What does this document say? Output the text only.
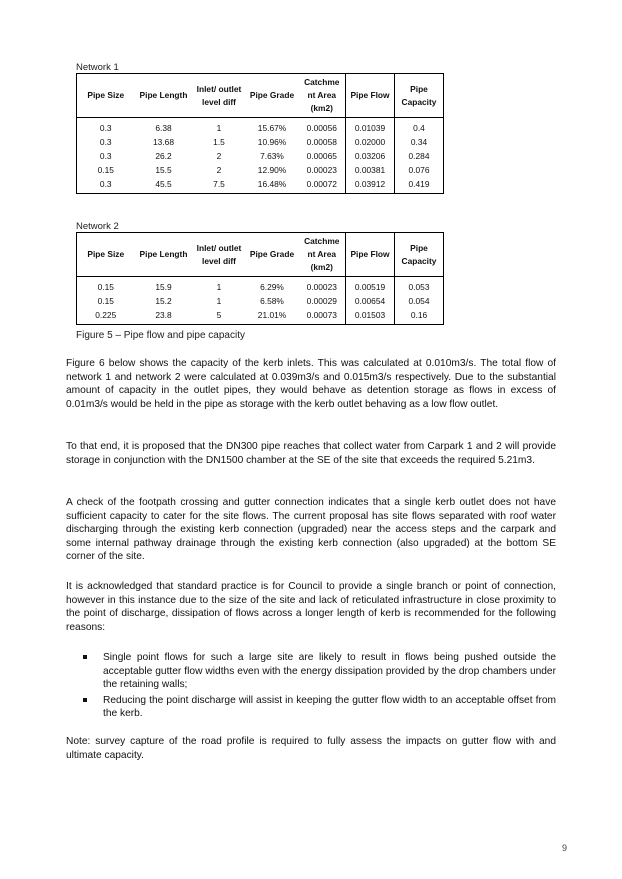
Network 1
Pipe Size	Pipe Length	Inlet/ outlet level diff	Pipe Grade	Catchme nt Area (km2)	Pipe Flow	Pipe Capacity
0.3	6.38	1	15.67%	0.00056	0.01039	0.4
0.3	13.68	1.5	10.96%	0.00058	0.02000	0.34
0.3	26.2	2	7.63%	0.00065	0.03206	0.284
0.15	15.5	2	12.90%	0.00023	0.00381	0.076
0.3	45.5	7.5	16.48%	0.00072	0.03912	0.419
Network 2
Pipe Size	Pipe Length	Inlet/ outlet level diff	Pipe Grade	Catchme nt Area (km2)	Pipe Flow	Pipe Capacity
0.15	15.9	1	6.29%	0.00023	0.00519	0.053
0.15	15.2	1	6.58%	0.00029	0.00654	0.054
0.225	23.8	5	21.01%	0.00073	0.01503	0.16
Figure 5 – Pipe flow and pipe capacity

Figure 6 below shows the capacity of the kerb inlets. This was calculated at 0.010m3/s. The total flow of network 1 and network 2 were calculated at 0.039m3/s and 0.015m3/s respectively. Due to the substantial amount of capacity in the outlet pipes, they would behave as detention storage as flows in excess of 0.01m3/s would be held in the pipe as storage with the kerb outlet behaving as a low flow outlet.

To that end, it is proposed that the DN300 pipe reaches that collect water from Carpark 1 and 2 will provide storage in conjunction with the DN1500 chamber at the SE of the site that exceeds the required 5.21m3.

A check of the footpath crossing and gutter connection indicates that a single kerb outlet does not have sufficient capacity to cater for the site flows. The current proposal has site flows separated with roof water discharging through the existing kerb connection (upgraded) near the access steps and the carpark and some internal pathway drainage through the existing kerb connection (also upgraded) at the bottom SE corner of the site.

It is acknowledged that standard practice is for Council to provide a single branch or point of connection, however in this instance due to the size of the site and lack of reticulated infrastructure in close proximity to the point of discharge, dissipation of flows across a longer length of kerb is recommended for the following reasons:

Single point flows for such a large site are likely to result in flows being pushed outside the acceptable gutter flow widths even with the energy dissipation provided by the drop chambers under the retaining walls;
Reducing the point discharge will assist in keeping the gutter flow width to an acceptable offset from the kerb.

Note: survey capture of the road profile is required to fully assess the impacts on gutter flow with and ultimate capacity.

9
